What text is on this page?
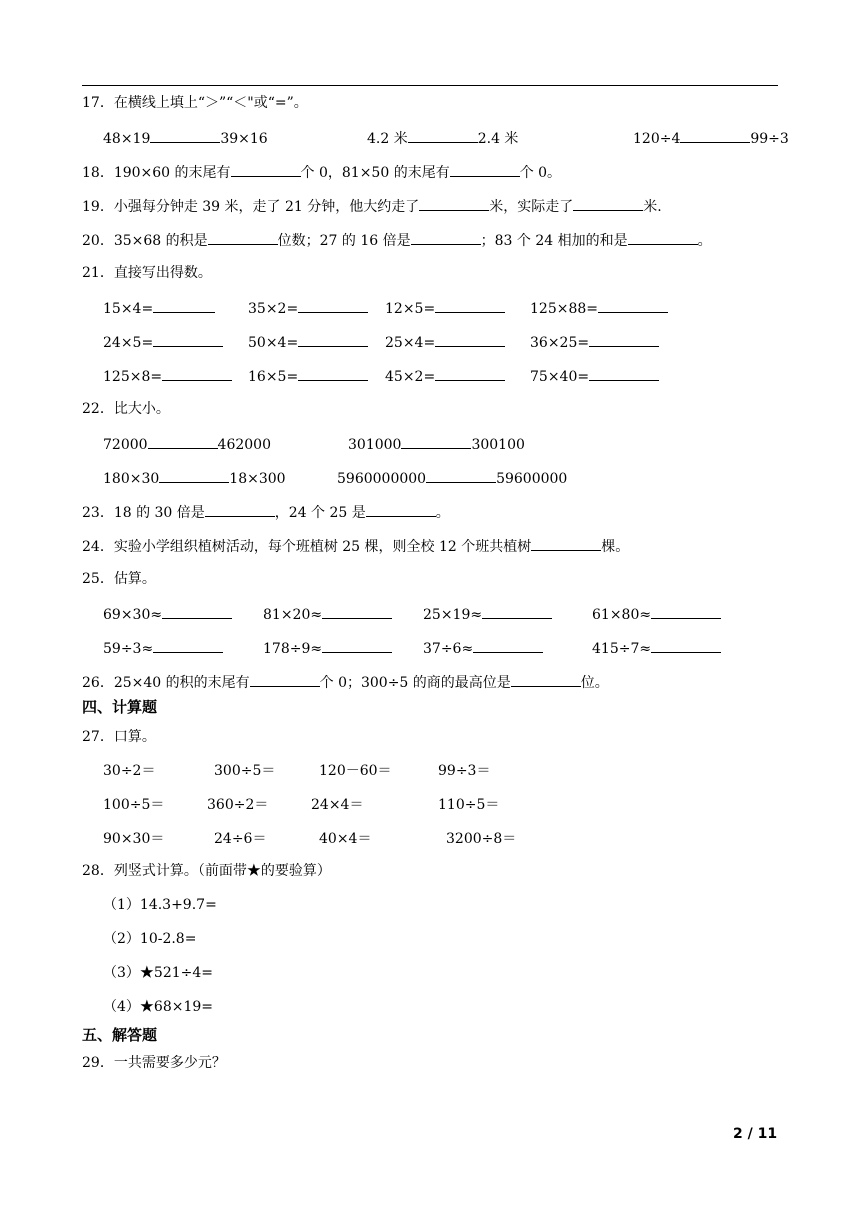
17．在横线上填上“＞”“＜"或“=”。
48×19	39×16	4.2 米	2.4 米	120÷4	99÷3
18．190×60 的末尾有	个 0，81×50 的末尾有	个 0。
19．小强每分钟走 39 米，走了 21 分钟，他大约走了	米，实际走了	米.
20．35×68 的积是	位数；27 的 16 倍是	；83 个 24 相加的和是	。
21．直接写出得数。
15×4=	35×2=	12×5=	125×88=
24×5=	50×4=	25×4=	36×25=
125×8=	16×5=	45×2=	75×40=
22．比大小。
72000	462000	301000	300100
180×30	18×300	5960000000	59600000
23．18 的 30 倍是	，24 个 25 是	。
24．实验小学组织植树活动，每个班植树 25 棵，则全校 12 个班共植树	棵。
25．估算。
69×30≈	81×20≈	25×19≈	61×80≈
59÷3≈	178÷9≈	37÷6≈	415÷7≈
26．25×40 的积的末尾有	个 0；300÷5 的商的最高位是	位。
四、计算题
27．口算。
30÷2＝	300÷5＝	120－60＝	99÷3＝
100÷5＝	360÷2＝	24×4＝	110÷5＝
90×30＝	24÷6＝	40×4＝	3200÷8＝
28．列竖式计算。（前面带★的要验算）
（1）14.3+9.7=
（2）10-2.8=
（3）★521÷4=
（4）★68×19=
五、解答题
29．一共需要多少元？
2 / 11
